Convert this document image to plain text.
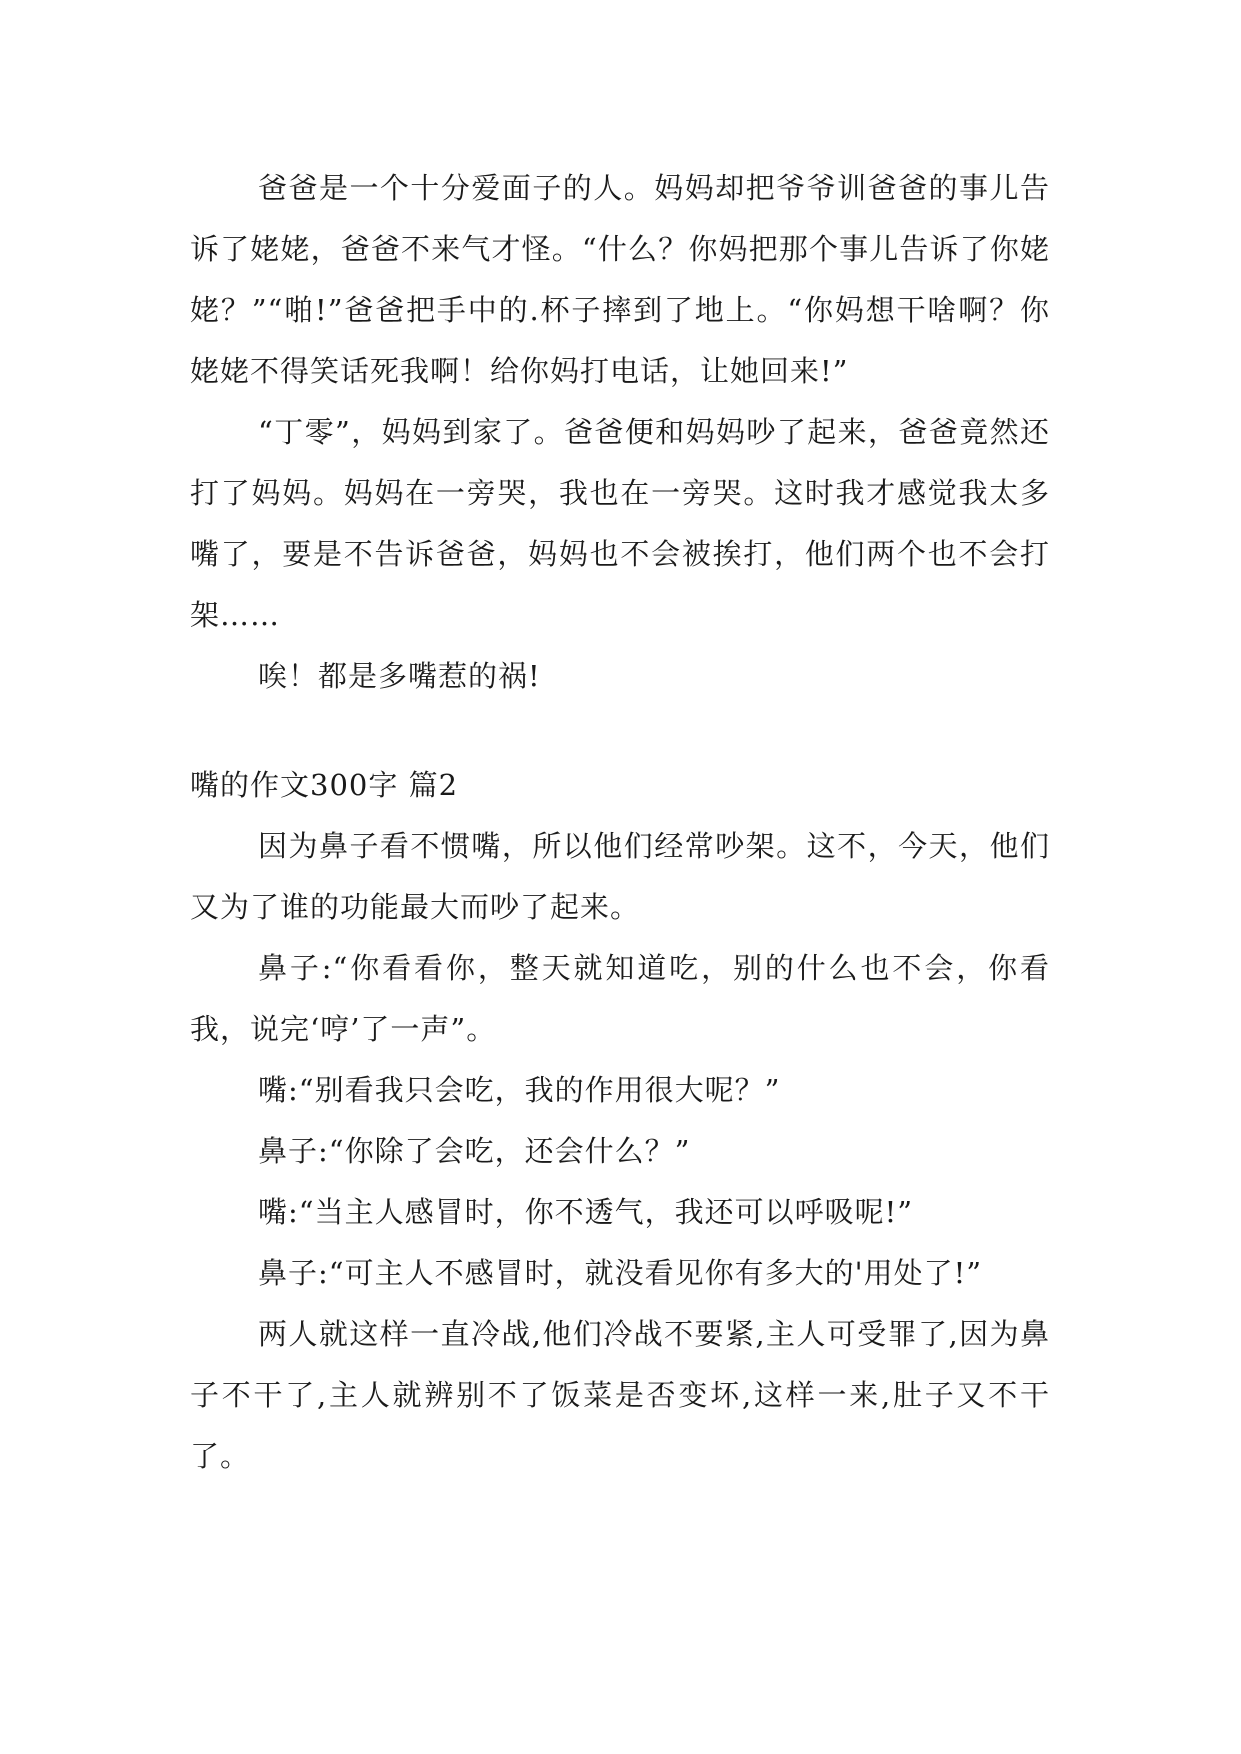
爸爸是一个十分爱面子的人。妈妈却把爷爷训爸爸的事儿告诉了姥姥，爸爸不来气才怪。“什么？你妈把那个事儿告诉了你姥姥？”“啪!”爸爸把手中的.杯子摔到了地上。“你妈想干啥啊？你姥姥不得笑话死我啊！给你妈打电话，让她回来!”

“丁零”，妈妈到家了。爸爸便和妈妈吵了起来，爸爸竟然还打了妈妈。妈妈在一旁哭，我也在一旁哭。这时我才感觉我太多嘴了，要是不告诉爸爸，妈妈也不会被挨打，他们两个也不会打架……

唉！都是多嘴惹的祸!

嘴的作文300字 篇2

因为鼻子看不惯嘴，所以他们经常吵架。这不，今天，他们又为了谁的功能最大而吵了起来。

鼻子:“你看看你，整天就知道吃，别的什么也不会，你看我，说完‘哼’了一声”。

嘴:“别看我只会吃，我的作用很大呢？”

鼻子:“你除了会吃，还会什么？”

嘴:“当主人感冒时，你不透气，我还可以呼吸呢!”

鼻子:“可主人不感冒时，就没看见你有多大的'用处了!”

两人就这样一直冷战,他们冷战不要紧,主人可受罪了,因为鼻子不干了,主人就辨别不了饭菜是否变坏,这样一来,肚子又不干了。
